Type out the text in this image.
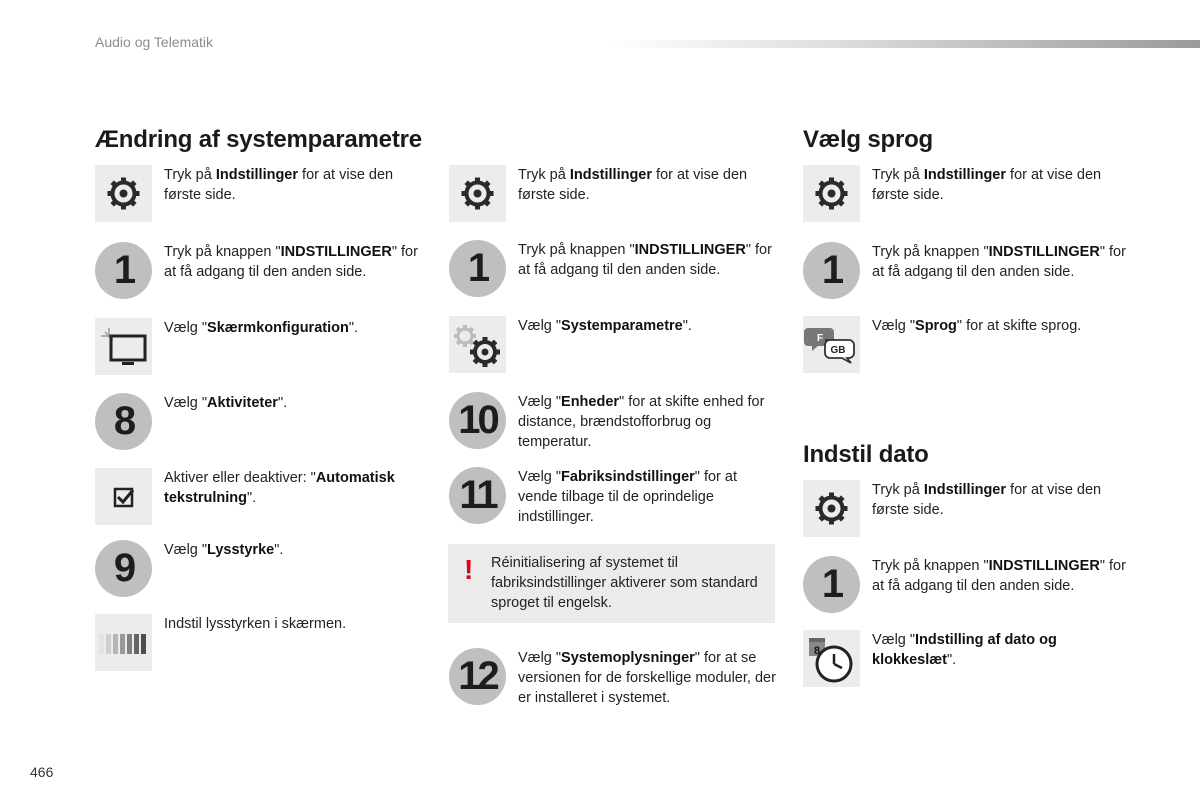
Audio og Telematik
Ændring af systemparametre
Tryk på Indstillinger for at vise den første side.
1	Tryk på knappen "INDSTILLINGER" for at få adgang til den anden side.
Vælg "Skærmkonfiguration".
8	Vælg "Aktiviteter".
Aktiver eller deaktiver: "Automatisk tekstrulning".
9	Vælg "Lysstyrke".
Indstil lysstyrken i skærmen.
Tryk på Indstillinger for at vise den første side.
1	Tryk på knappen "INDSTILLINGER" for at få adgang til den anden side.
Vælg "Systemparametre".
10	Vælg "Enheder" for at skifte enhed for distance, brændstofforbrug og temperatur.
11	Vælg "Fabriksindstillinger" for at vende tilbage til de oprindelige indstillinger.
! Réinitialisering af systemet til fabriksindstillinger aktiverer som standard sproget til engelsk.
12	Vælg "Systemoplysninger" for at se versionen for de forskellige moduler, der er installeret i systemet.
Vælg sprog
Tryk på Indstillinger for at vise den første side.
1	Tryk på knappen "INDSTILLINGER" for at få adgang til den anden side.
F
GB
Vælg "Sprog" for at skifte sprog.
Indstil dato
Tryk på Indstillinger for at vise den første side.
1	Tryk på knappen "INDSTILLINGER" for at få adgang til den anden side.
8
Vælg "Indstilling af dato og klokkeslæt".
466
